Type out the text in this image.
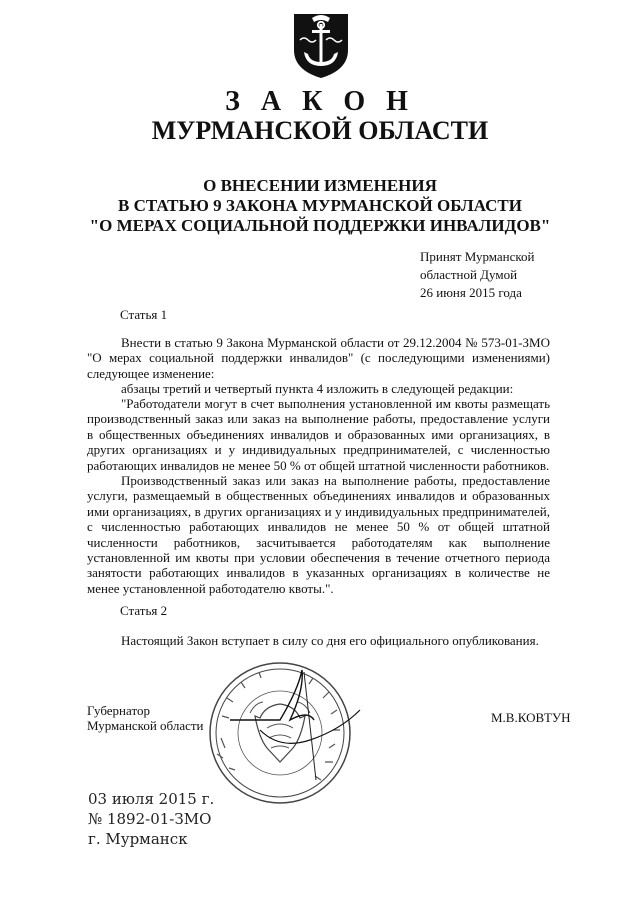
З А К О Н
МУРМАНСКОЙ ОБЛАСТИ
О ВНЕСЕНИИ ИЗМЕНЕНИЯ
В СТАТЬЮ 9 ЗАКОНА МУРМАНСКОЙ ОБЛАСТИ
"О МЕРАХ СОЦИАЛЬНОЙ ПОДДЕРЖКИ ИНВАЛИДОВ"
Принят Мурманской
областной Думой
26 июня 2015 года
Статья 1
Внести в статью 9 Закона Мурманской области от 29.12.2004 № 573-01-ЗМО "О мерах социальной поддержки инвалидов" (с последующими изменениями) следующее изменение:
абзацы третий и четвертый пункта 4 изложить в следующей редакции:
"Работодатели могут в счет выполнения установленной им квоты размещать производственный заказ или заказ на выполнение работы, предоставление услуги в общественных объединениях инвалидов и образованных ими организациях, в других организациях и у индивидуальных предпринимателей, с численностью работающих инвалидов не менее 50 % от общей штатной численности работников.
Производственный заказ или заказ на выполнение работы, предоставление услуги, размещаемый в общественных объединениях инвалидов и образованных ими организациях, в других организациях и у индивидуальных предпринимателей, с численностью работающих инвалидов не менее 50 % от общей штатной численности работников, засчитывается работодателям как выполнение установленной им квоты при условии обеспечения в течение отчетного периода занятости работающих инвалидов в указанных организациях в количестве не менее установленной работодателю квоты.".
Статья 2
Настоящий Закон вступает в силу со дня его официального опубликования.
Губернатор
Мурманской области
М.В.КОВТУН
03 июля 2015 г.
№ 1892-01-ЗМО
г. Мурманск
